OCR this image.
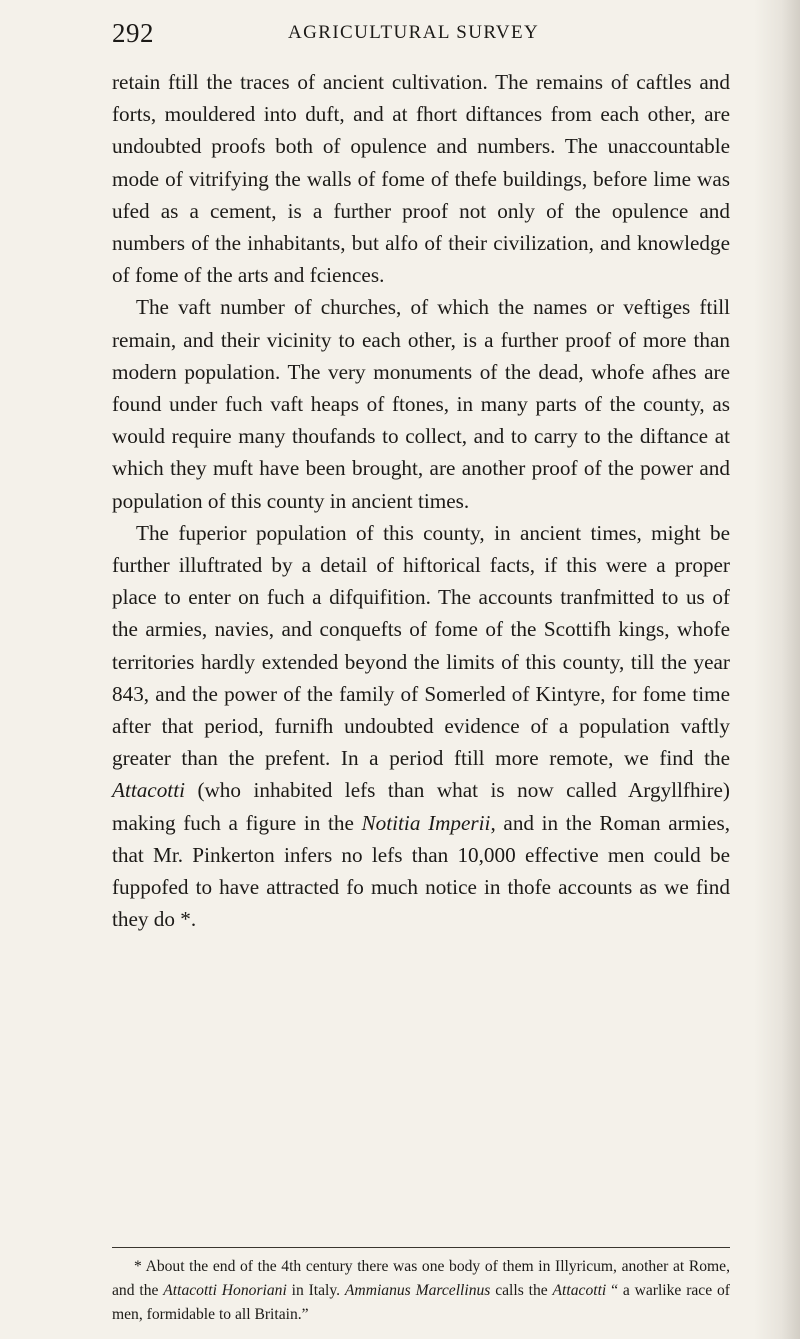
292	AGRICULTURAL SURVEY

retain ftill the traces of ancient cultivation. The remains of caftles and forts, mouldered into duft, and at fhort diftances from each other, are undoubted proofs both of opulence and numbers. The unaccountable mode of vitrifying the walls of fome of thefe buildings, before lime was ufed as a cement, is a further proof not only of the opulence and numbers of the inhabitants, but alfo of their civilization, and knowledge of fome of the arts and fciences.

The vaft number of churches, of which the names or veftiges ftill remain, and their vicinity to each other, is a further proof of more than modern population. The very monuments of the dead, whofe afhes are found under fuch vaft heaps of ftones, in many parts of the county, as would require many thoufands to collect, and to carry to the diftance at which they muft have been brought, are another proof of the power and population of this county in ancient times.

The fuperior population of this county, in ancient times, might be further illuftrated by a detail of hiftorical facts, if this were a proper place to enter on fuch a difquifition. The accounts tranfmitted to us of the armies, navies, and conquefts of fome of the Scottifh kings, whofe territories hardly extended beyond the limits of this county, till the year 843, and the power of the family of Somerled of Kintyre, for fome time after that period, furnifh undoubted evidence of a population vaftly greater than the prefent. In a period ftill more remote, we find the Attacotti (who inhabited lefs than what is now called Argyllfhire) making fuch a figure in the Notitia Imperii, and in the Roman armies, that Mr. Pinkerton infers no lefs than 10,000 effective men could be fuppofed to have attracted fo much notice in thofe accounts as we find they do *.

* About the end of the 4th century there was one body of them in Illyricum, another at Rome, and the Attacotti Honoriani in Italy. Ammianus Marcellinus calls the Attacotti “ a warlike race of men, formidable to all Britain.”
